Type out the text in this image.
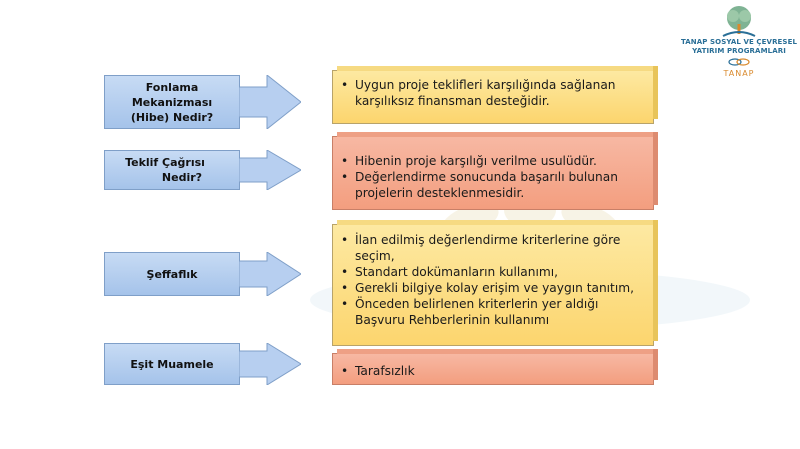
TANAP SOSYAL VE ÇEVRESEL
YATIRIM PROGRAMLARI
TANAP
Fonlama
Mekanizması
(Hibe) Nedir?
• Uygun proje teklifleri karşılığında sağlanan karşılıksız finansman desteğidir.
Teklif Çağrısı
Nedir?
• Hibenin proje karşılığı verilme usulüdür.
• Değerlendirme sonucunda başarılı bulunan projelerin desteklenmesidir.
Şeffaflık
• İlan edilmiş değerlendirme kriterlerine göre seçim,
• Standart dokümanların kullanımı,
• Gerekli bilgiye kolay erişim ve yaygın tanıtım,
• Önceden belirlenen kriterlerin yer aldığı Başvuru Rehberlerinin kullanımı
Eşit Muamele
•	Tarafsızlık
